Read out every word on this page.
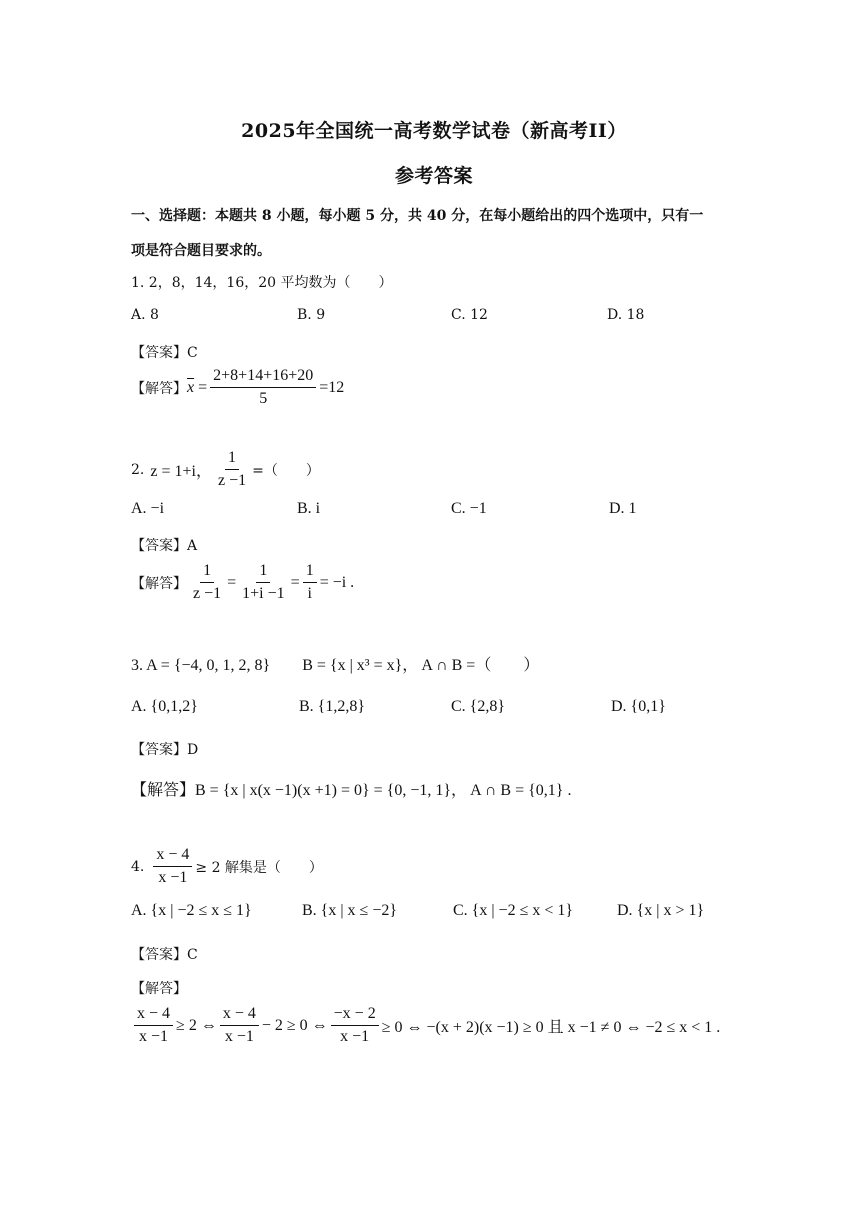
2025年全国统一高考数学试卷（新高考II）
参考答案
一、选择题：本题共 8 小题，每小题 5 分，共 40 分，在每小题给出的四个选项中，只有一
项是符合题目要求的。
1. 2，8，14，16，20 平均数为（　　）
A. 8	B. 9	C. 12	D. 18
【答案】C
【解答】 $\overline{x} = \frac{2+8+14+16+20}{5} =12$
2. z = 1+i， $\frac{1}{z -1}$ =（　　）
A. −i	B. i	C. −1	D. 1
【答案】A
【解答】 $\frac{1}{z -1} = \frac{1}{1+i -1} = \frac{1}{i} = -i$ .
3. A = {−4, 0, 1, 2, 8}　　B = {x | x³ = x}， A ∩ B =（　　）
A. {0,1,2}	B. {1,2,8}	C. {2,8}	D. {0,1}
【答案】D
【解答】B = {x | x(x −1)(x +1) = 0} = {0, −1, 1}， A ∩ B = {0,1} .
4. $\frac{x - 4}{x -1} \ge 2$ 解集是（　　）
A. {x | −2 ≤ x ≤ 1}	B. {x | x ≤ −2}	C. {x | −2 ≤ x < 1}	D. {x | x > 1}
【答案】C
【解答】
$\frac{x - 4}{x -1} \ge 2$ ⇔ $\frac{x - 4}{x -1} - 2 \ge 0$ ⇔ $\frac{-x - 2}{x -1} \ge 0$ ⇔ −(x + 2)(x −1) ≥ 0 且 x −1 ≠ 0 ⇔ −2 ≤ x < 1 .
